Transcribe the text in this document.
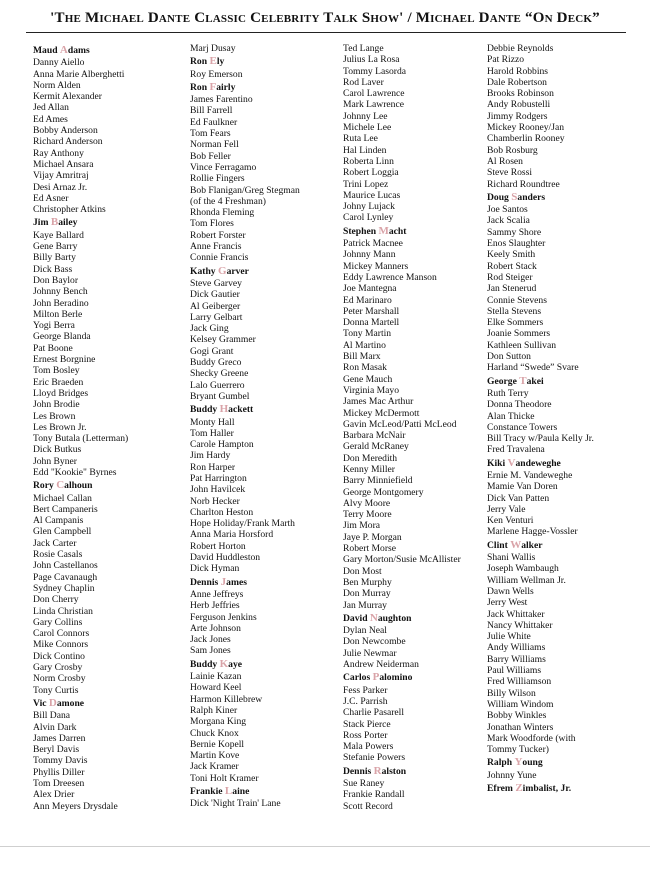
'The Michael Dante Classic Celebrity Talk Show' / Michael Dante “On Deck”
Maud Adams
Danny Aiello
Anna Marie Alberghetti
Norm Alden
Kermit Alexander
Jed Allan
Ed Ames
Bobby Anderson
Richard Anderson
Ray Anthony
Michael Ansara
Vijay Amritraj
Desi Arnaz Jr.
Ed Asner
Christopher Atkins
Jim Bailey
Kaye Ballard
Gene Barry
Billy Barty
Dick Bass
Don Baylor
Johnny Bench
John Beradino
Milton Berle
Yogi Berra
George Blanda
Pat Boone
Ernest Borgnine
Tom Bosley
Eric Braeden
Lloyd Bridges
John Brodie
Les Brown
Les Brown Jr.
Tony Butala (Letterman)
Dick Butkus
John Byner
Edd "Kookie" Byrnes
Rory Calhoun
Michael Callan
Bert Campaneris
Al Campanis
Glen Campbell
Jack Carter
Rosie Casals
John Castellanos
Page Cavanaugh
Sydney Chaplin
Don Cherry
Linda Christian
Gary Collins
Carol Connors
Mike Connors
Dick Contino
Gary Crosby
Norm Crosby
Tony Curtis
Vic Damone
Bill Dana
Alvin Dark
James Darren
Beryl Davis
Tommy Davis
Phyllis Diller
Tom Dreesen
Alex Drier
Ann Meyers Drysdale
Marj Dusay
Ron Ely
Roy Emerson
Ron Fairly
James Farentino
Bill Farrell
Ed Faulkner
Tom Fears
Norman Fell
Bob Feller
Vince Ferragamo
Rollie Fingers
Bob Flanigan/Greg Stegman
(of the 4 Freshman)
Rhonda Fleming
Tom Flores
Robert Forster
Anne Francis
Connie Francis
Kathy Garver
Steve Garvey
Dick Gautier
Al Geiberger
Larry Gelbart
Jack Ging
Kelsey Grammer
Gogi Grant
Buddy Greco
Shecky Greene
Lalo Guerrero
Bryant Gumbel
Buddy Hackett
Monty Hall
Tom Haller
Carole Hampton
Jim Hardy
Ron Harper
Pat Harrington
John Havilcek
Norb Hecker
Charlton Heston
Hope Holiday/Frank Marth
Anna Maria Horsford
Robert Horton
David Huddleston
Dick Hyman
Dennis James
Anne Jeffreys
Herb Jeffries
Ferguson Jenkins
Arte Johnson
Jack Jones
Sam Jones
Buddy Kaye
Lainie Kazan
Howard Keel
Harmon Killebrew
Ralph Kiner
Morgana King
Chuck Knox
Bernie Kopell
Martin Kove
Jack Kramer
Toni Holt Kramer
Frankie Laine
Dick 'Night Train' Lane
Ted Lange
Julius La Rosa
Tommy Lasorda
Rod Laver
Carol Lawrence
Mark Lawrence
Johnny Lee
Michele Lee
Ruta Lee
Hal Linden
Roberta Linn
Robert Loggia
Trini Lopez
Maurice Lucas
Johny Lujack
Carol Lynley
Stephen Macht
Patrick Macnee
Johnny Mann
Mickey Manners
Eddy Lawrence Manson
Joe Mantegna
Ed Marinaro
Peter Marshall
Donna Martell
Tony Martin
Al Martino
Bill Marx
Ron Masak
Gene Mauch
Virginia Mayo
James Mac Arthur
Mickey McDermott
Gavin McLeod/Patti McLeod
Barbara McNair
Gerald McRaney
Don Meredith
Kenny Miller
Barry Minniefield
George Montgomery
Alvy Moore
Terry Moore
Jim Mora
Jaye P. Morgan
Robert Morse
Gary Morton/Susie McAllister
Don Most
Ben Murphy
Don Murray
Jan Murray
David Naughton
Dylan Neal
Don Newcombe
Julie Newmar
Andrew Neiderman
Carlos Palomino
Fess Parker
J.C. Parrish
Charlie Pasarell
Stack Pierce
Ross Porter
Mala Powers
Stefanie Powers
Dennis Ralston
Sue Raney
Frankie Randall
Scott Record
Debbie Reynolds
Pat Rizzo
Harold Robbins
Dale Robertson
Brooks Robinson
Andy Robustelli
Jimmy Rodgers
Mickey Rooney/Jan
Chamberlin Rooney
Bob Rosburg
Al Rosen
Steve Rossi
Richard Roundtree
Doug Sanders
Joe Santos
Jack Scalia
Sammy Shore
Enos Slaughter
Keely Smith
Robert Stack
Rod Steiger
Jan Stenerud
Connie Stevens
Stella Stevens
Elke Sommers
Joanie Sommers
Kathleen Sullivan
Don Sutton
Harland “Swede” Svare
George Takei
Ruth Terry
Donna Theodore
Alan Thicke
Constance Towers
Bill Tracy w/Paula Kelly Jr.
Fred Travalena
Kiki Vandeweghe
Ernie M. Vandeweghe
Mamie Van Doren
Dick Van Patten
Jerry Vale
Ken Venturi
Marlene Hagge-Vossler
Clint Walker
Shani Wallis
Joseph Wambaugh
William Wellman Jr.
Dawn Wells
Jerry West
Jack Whittaker
Nancy Whittaker
Julie White
Andy Williams
Barry Williams
Paul Williams
Fred Williamson
Billy Wilson
William Windom
Bobby Winkles
Jonathan Winters
Mark Woodforde (with
Tommy Tucker)
Ralph Young
Johnny Yune
Efrem Zimbalist, Jr.
